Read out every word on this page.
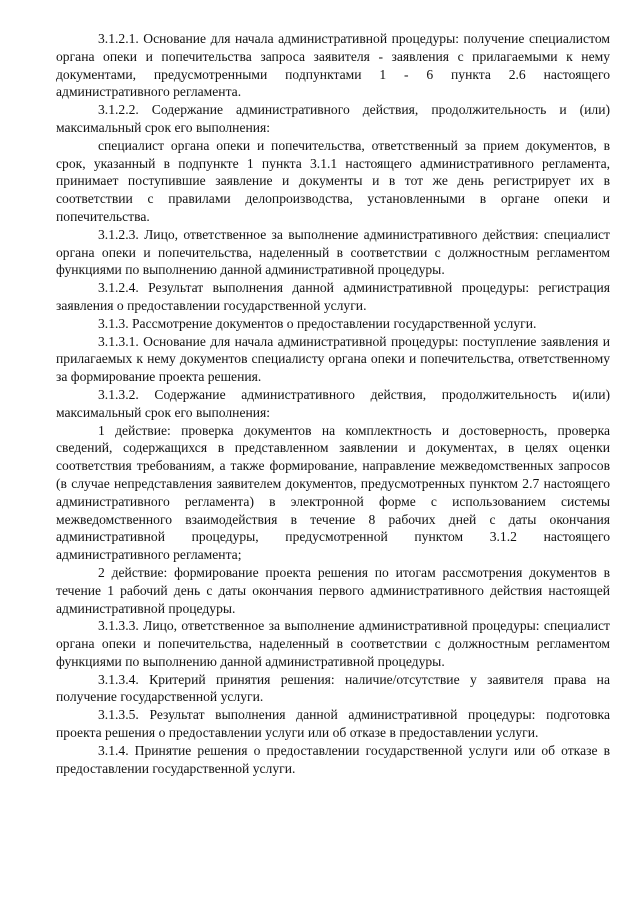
3.1.2.1. Основание для начала административной процедуры: получение специалистом органа опеки и попечительства запроса заявителя - заявления с прилагаемыми к нему документами, предусмотренными подпунктами 1 - 6 пункта 2.6 настоящего административного регламента.

3.1.2.2. Содержание административного действия, продолжительность и (или) максимальный срок его выполнения:

специалист органа опеки и попечительства, ответственный за прием документов, в срок, указанный в подпункте 1 пункта 3.1.1 настоящего административного регламента, принимает поступившие заявление и документы и в тот же день регистрирует их в соответствии с правилами делопроизводства, установленными в органе опеки и попечительства.

3.1.2.3. Лицо, ответственное за выполнение административного действия: специалист органа опеки и попечительства, наделенный в соответствии с должностным регламентом функциями по выполнению данной административной процедуры.

3.1.2.4. Результат выполнения данной административной процедуры: регистрация заявления о предоставлении государственной услуги.

3.1.3. Рассмотрение документов о предоставлении государственной услуги.

3.1.3.1. Основание для начала административной процедуры: поступление заявления и прилагаемых к нему документов специалисту органа опеки и попечительства, ответственному за формирование проекта решения.

3.1.3.2. Содержание административного действия, продолжительность и(или) максимальный срок его выполнения:

1 действие: проверка документов на комплектность и достоверность, проверка сведений, содержащихся в представленном заявлении и документах, в целях оценки соответствия требованиям, а также формирование, направление межведомственных запросов (в случае непредставления заявителем документов, предусмотренных пунктом 2.7 настоящего административного регламента) в электронной форме с использованием системы межведомственного взаимодействия в течение 8 рабочих дней с даты окончания административной процедуры, предусмотренной пунктом 3.1.2 настоящего административного регламента;

2 действие: формирование проекта решения по итогам рассмотрения документов в течение 1 рабочий день с даты окончания первого административного действия настоящей административной процедуры.

3.1.3.3. Лицо, ответственное за выполнение административной процедуры: специалист органа опеки и попечительства, наделенный в соответствии с должностным регламентом функциями по выполнению данной административной процедуры.

3.1.3.4. Критерий принятия решения: наличие/отсутствие у заявителя права на получение государственной услуги.

3.1.3.5. Результат выполнения данной административной процедуры: подготовка проекта решения о предоставлении услуги или об отказе в предоставлении услуги.

3.1.4. Принятие решения о предоставлении государственной услуги или об отказе в предоставлении государственной услуги.
